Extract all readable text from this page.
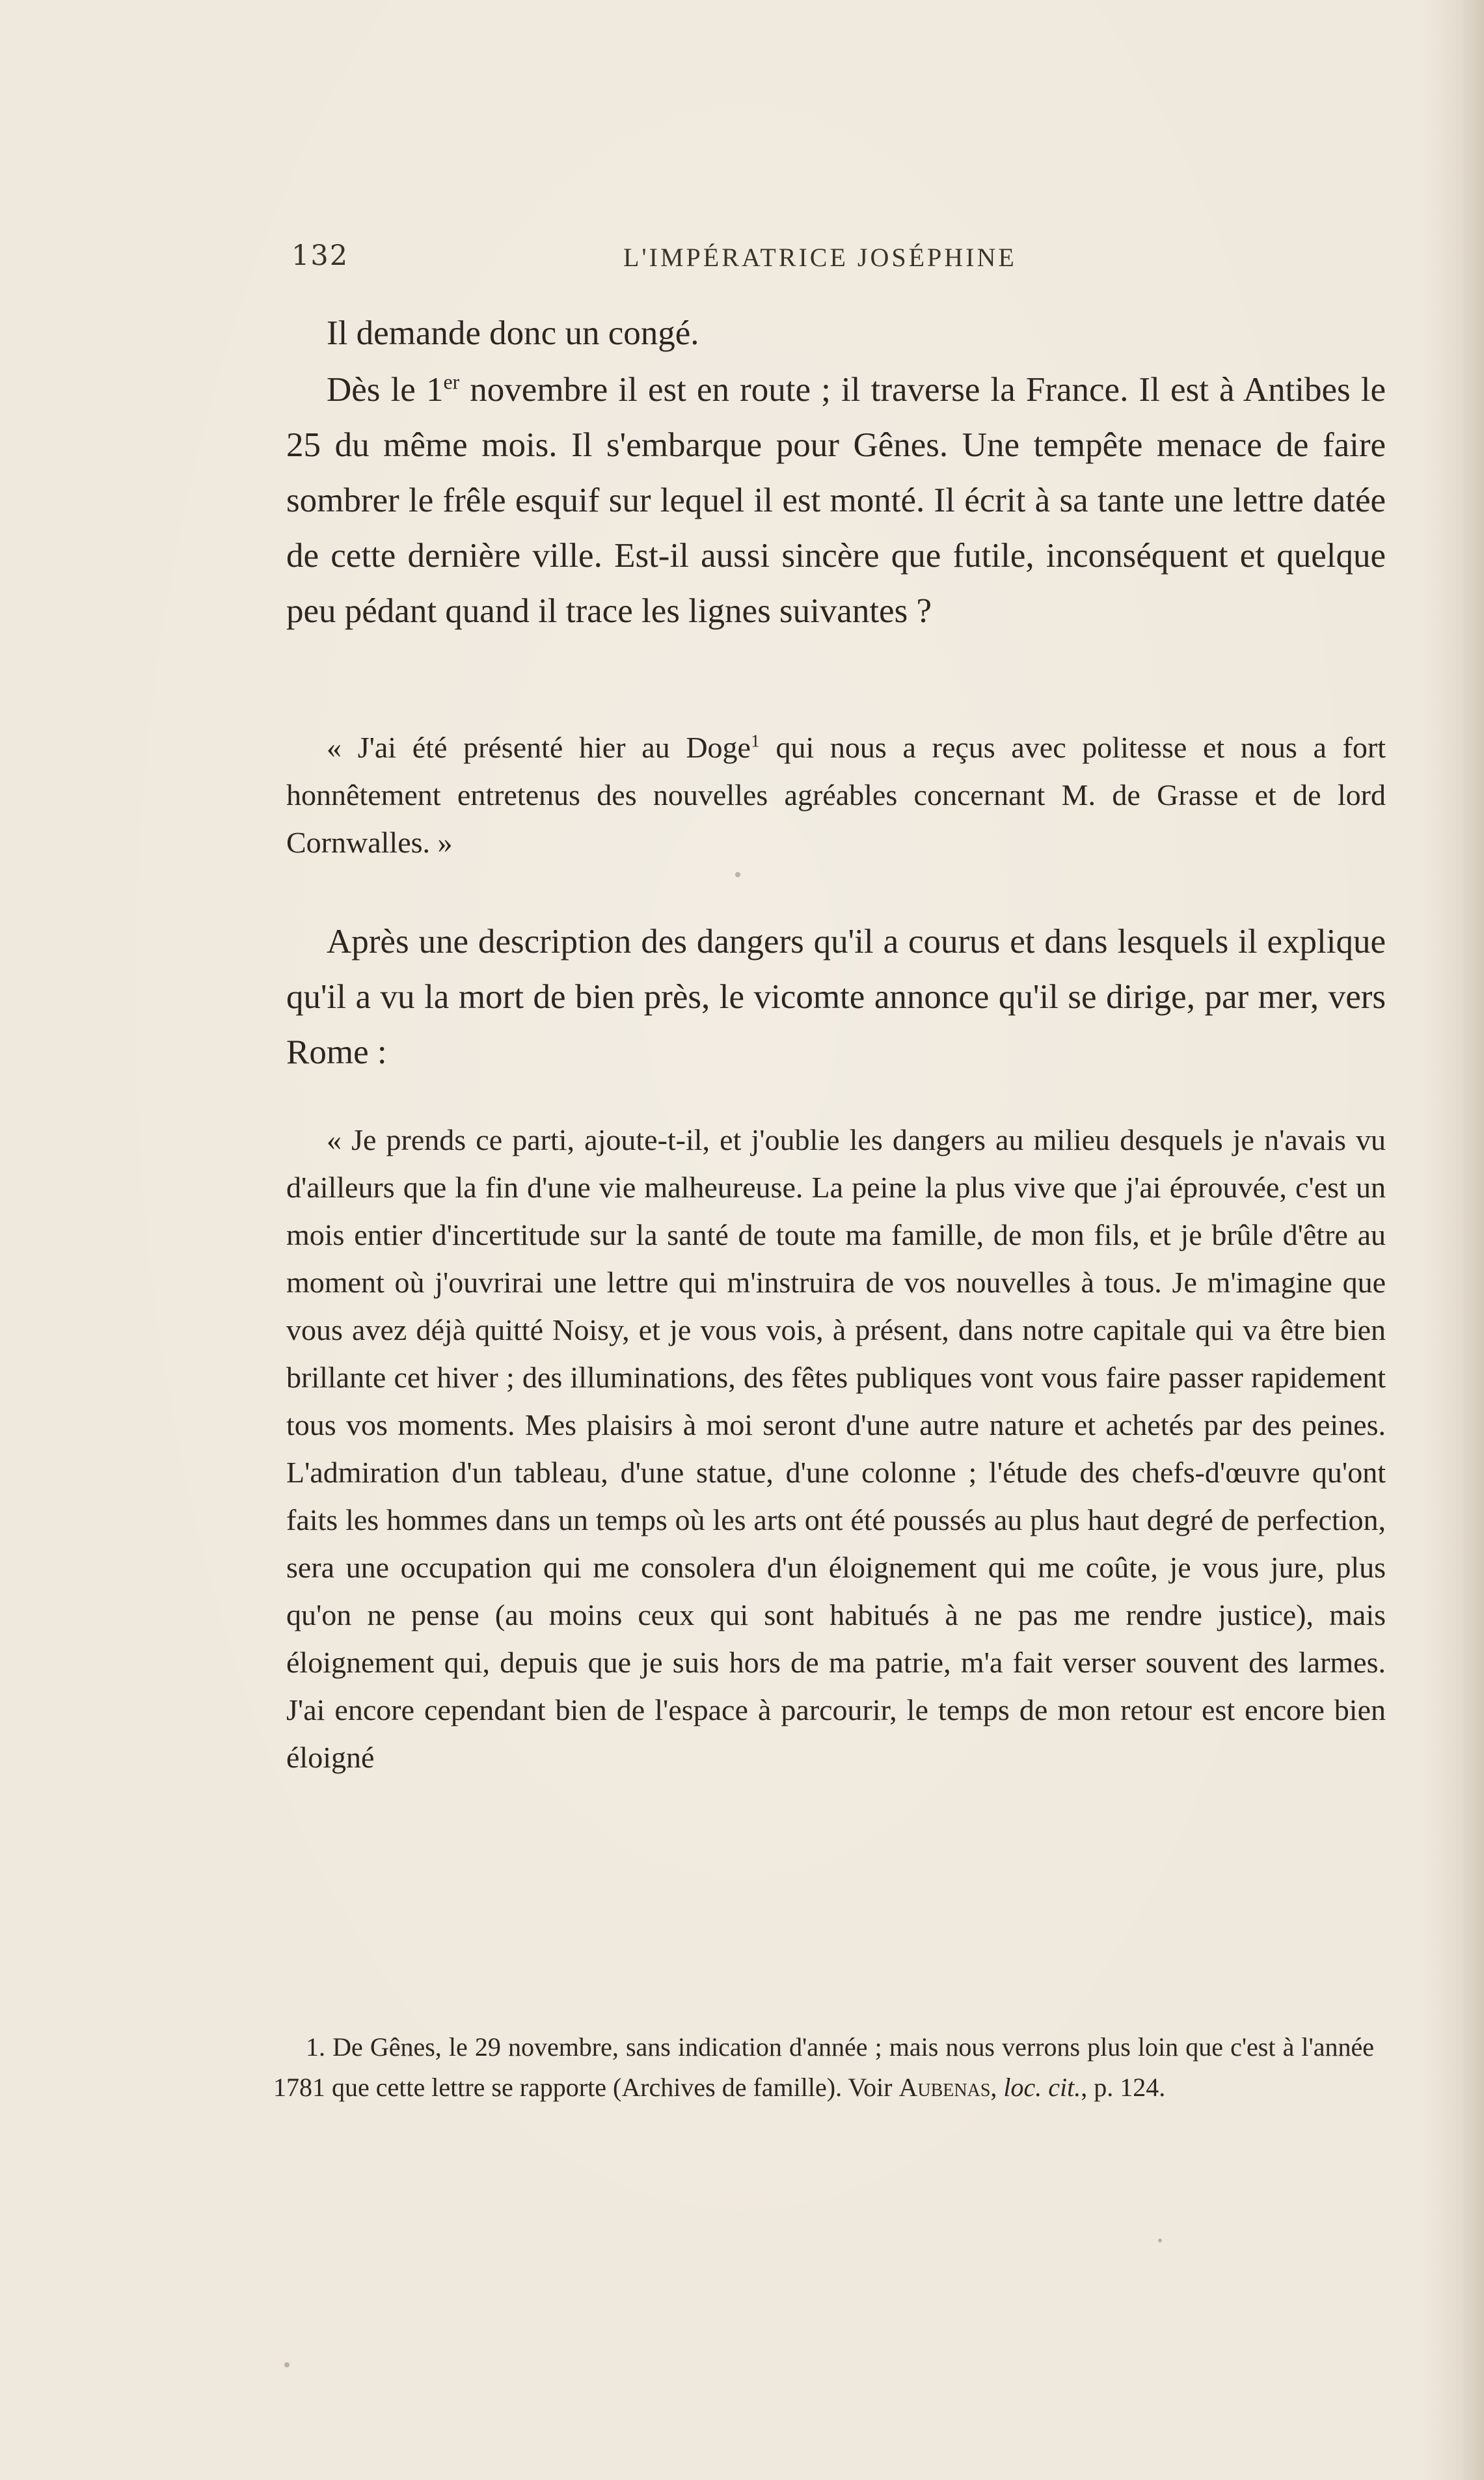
132	L'IMPÉRATRICE JOSÉPHINE

Il demande donc un congé.

Dès le 1er novembre il est en route ; il traverse la France. Il est à Antibes le 25 du même mois. Il s'embarque pour Gênes. Une tempête menace de faire sombrer le frêle esquif sur lequel il est monté. Il écrit à sa tante une lettre datée de cette dernière ville. Est-il aussi sincère que futile, inconséquent et quelque peu pédant quand il trace les lignes suivantes ?

« J'ai été présenté hier au Doge$^1$ qui nous a reçus avec politesse et nous a fort honnêtement entretenus des nouvelles agréables concernant M. de Grasse et de lord Cornwalles. »

Après une description des dangers qu'il a courus et dans lesquels il explique qu'il a vu la mort de bien près, le vicomte annonce qu'il se dirige, par mer, vers Rome :

« Je prends ce parti, ajoute-t-il, et j'oublie les dangers au milieu desquels je n'avais vu d'ailleurs que la fin d'une vie malheureuse. La peine la plus vive que j'ai éprouvée, c'est un mois entier d'incertitude sur la santé de toute ma famille, de mon fils, et je brûle d'être au moment où j'ouvrirai une lettre qui m'instruira de vos nouvelles à tous. Je m'imagine que vous avez déjà quitté Noisy, et je vous vois, à présent, dans notre capitale qui va être bien brillante cet hiver ; des illuminations, des fêtes publiques vont vous faire passer rapidement tous vos moments. Mes plaisirs à moi seront d'une autre nature et achetés par des peines. L'admiration d'un tableau, d'une statue, d'une colonne ; l'étude des chefs-d'œuvre qu'ont faits les hommes dans un temps où les arts ont été poussés au plus haut degré de perfection, sera une occupation qui me consolera d'un éloignement qui me coûte, je vous jure, plus qu'on ne pense (au moins ceux qui sont habitués à ne pas me rendre justice), mais éloignement qui, depuis que je suis hors de ma patrie, m'a fait verser souvent des larmes. J'ai encore cependant bien de l'espace à parcourir, le temps de mon retour est encore bien éloigné

1. De Gênes, le 29 novembre, sans indication d'année ; mais nous verrons plus loin que c'est à l'année 1781 que cette lettre se rapporte (Archives de famille). Voir Aubenas, loc. cit., p. 124.
